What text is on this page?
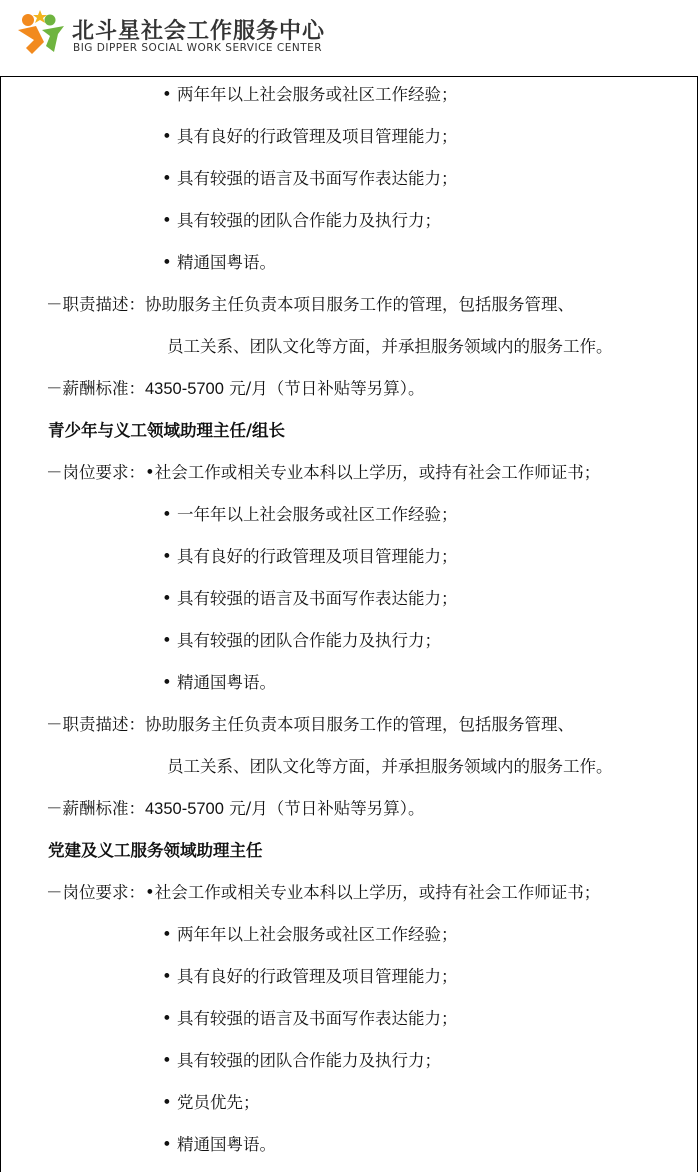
北斗星社会工作服务中心
BIG DIPPER SOCIAL WORK SERVICE CENTER
• 两年年以上社会服务或社区工作经验；
• 具有良好的行政管理及项目管理能力；
• 具有较强的语言及书面写作表达能力；
• 具有较强的团队合作能力及执行力；
• 精通国粤语。
－职责描述：协助服务主任负责本项目服务工作的管理，包括服务管理、
员工关系、团队文化等方面，并承担服务领域内的服务工作。
－薪酬标准：4350-5700 元/月（节日补贴等另算）。
青少年与义工领域助理主任/组长
－岗位要求：•社会工作或相关专业本科以上学历，或持有社会工作师证书；
• 一年年以上社会服务或社区工作经验；
• 具有良好的行政管理及项目管理能力；
• 具有较强的语言及书面写作表达能力；
• 具有较强的团队合作能力及执行力；
• 精通国粤语。
－职责描述：协助服务主任负责本项目服务工作的管理，包括服务管理、
员工关系、团队文化等方面，并承担服务领域内的服务工作。
－薪酬标准：4350-5700 元/月（节日补贴等另算）。
党建及义工服务领域助理主任
－岗位要求：•社会工作或相关专业本科以上学历，或持有社会工作师证书；
• 两年年以上社会服务或社区工作经验；
• 具有良好的行政管理及项目管理能力；
• 具有较强的语言及书面写作表达能力；
• 具有较强的团队合作能力及执行力；
• 党员优先；
• 精通国粤语。
